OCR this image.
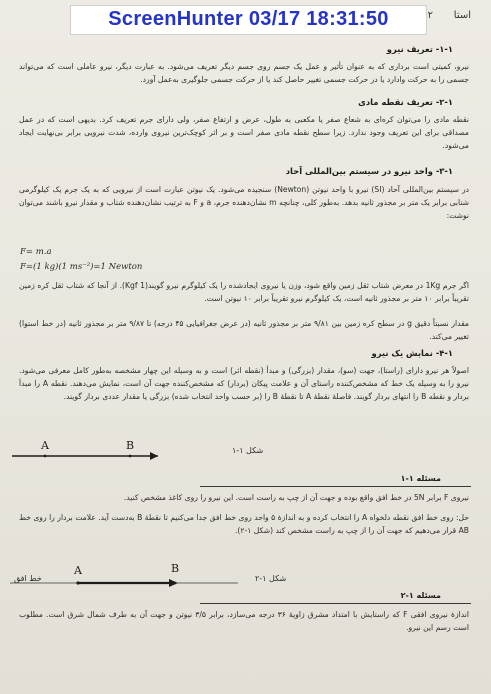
ScreenHunter 03/17 18:31:50	۲ استا
۱-۱- تعریف نیرو
نیرو، کمیتی است برداری که به عنوان تأثیر و عمل یک جسم روی جسم دیگر تعریف می‌شود. به عبارت دیگر، نیرو عاملی است که می‌تواند جسمی را به حرکت وادارد یا در حرکت جسمی تغییر حاصل کند یا از حرکت جسمی جلوگیری به‌عمل آورد.
۲-۱- تعریف نقطه مادی
نقطه مادی را می‌توان کره‌ای به شعاع صفر یا مکعبی به طول، عرض و ارتفاع صفر، ولی دارای جرم تعریف کرد. بدیهی است که در عمل مصداقی برای این تعریف وجود ندارد. زیرا سطح نقطه مادی صفر است و بر اثر کوچک‌ترین نیروی وارده، شدت نیرویی برابر بی‌نهایت ایجاد می‌شود.
۳-۱- واحد نیرو در سیستم بین‌المللی آحاد
در سیستم بین‌المللی آحاد (SI) نیرو با واحد نیوتن (Newton) سنجیده می‌شود. یک نیوتن عبارت است از نیرویی که به یک جرم یک کیلوگرمی شتابی برابر یک متر بر مجذور ثانیه بدهد. به‌طور کلی، چنانچه m نشان‌دهنده جرم، a و F به ترتیب نشان‌دهنده شتاب و مقدار نیرو باشند می‌توان نوشت:
F= m.a
F=(1 kg)(1 ms⁻²)=1 Newton
اگر جرم 1Kg در معرض شتاب ثقل زمین واقع شود، وزن یا نیروی ایجادشده را یک کیلوگرم نیرو گویند(1 Kgf). از آنجا که شتاب ثقل کره زمین تقریباً برابر ۱۰ متر بر مجذور ثانیه است، یک کیلوگرم نیرو تقریباً برابر ۱۰ نیوتن است.
مقدار نسبتاً دقیق g در سطح کره زمین بین ۹/۸۱ متر بر مجذور ثانیه (در عرض جغرافیایی ۴۵ درجه) تا ۹/۸۷ متر بر مجذور ثانیه (در خط استوا) تغییر می‌کند.
۴-۱- نمایش یک نیرو
اصولاً هر نیرو دارای (راستا)، جهت (سو)، مقدار (بزرگی) و مبدأ (نقطه اثر) است و به وسیله این چهار مشخصه به‌طور کامل معرفی می‌شود. نیرو را به وسیله یک خط که مشخص‌کننده راستای آن و علامت پیکان (بردار) که مشخص‌کننده جهت آن است، نمایش می‌دهند. نقطه A را مبدأ بردار و نقطه B را انتهای بردار گویند. فاصلهٔ نقطهٔ A تا نقطهٔ B را (بر حسب واحد انتخاب شده) بزرگی یا مقدار عددی بردار گویند.
A	B	شکل ۱-۱
مسئله ۱-۱
نیروی F برابر 5N در خط افق واقع بوده و جهت آن از چپ به راست است. این نیرو را روی کاغذ مشخص کنید.
حل: روی خط افق نقطه دلخواه A را انتخاب کرده و به اندازهٔ ۵ واحد روی خط افق جدا می‌کنیم تا نقطهٔ B به‌دست آید. علامت بردار را روی خط AB قرار می‌دهیم که جهت آن را از چپ به راست مشخص کند (شکل ۱-۲).
A	B
خط افق	شکل ۱-۲
مسئله ۱-۲
اندازهٔ نیروی افقی F که راستایش با امتداد مشرق زاویهٔ ۳۶ درجه می‌سازد، برابر ۳/۵ نیوتن و جهت آن به طرف شمال شرق است. مطلوب است رسم این نیرو.
